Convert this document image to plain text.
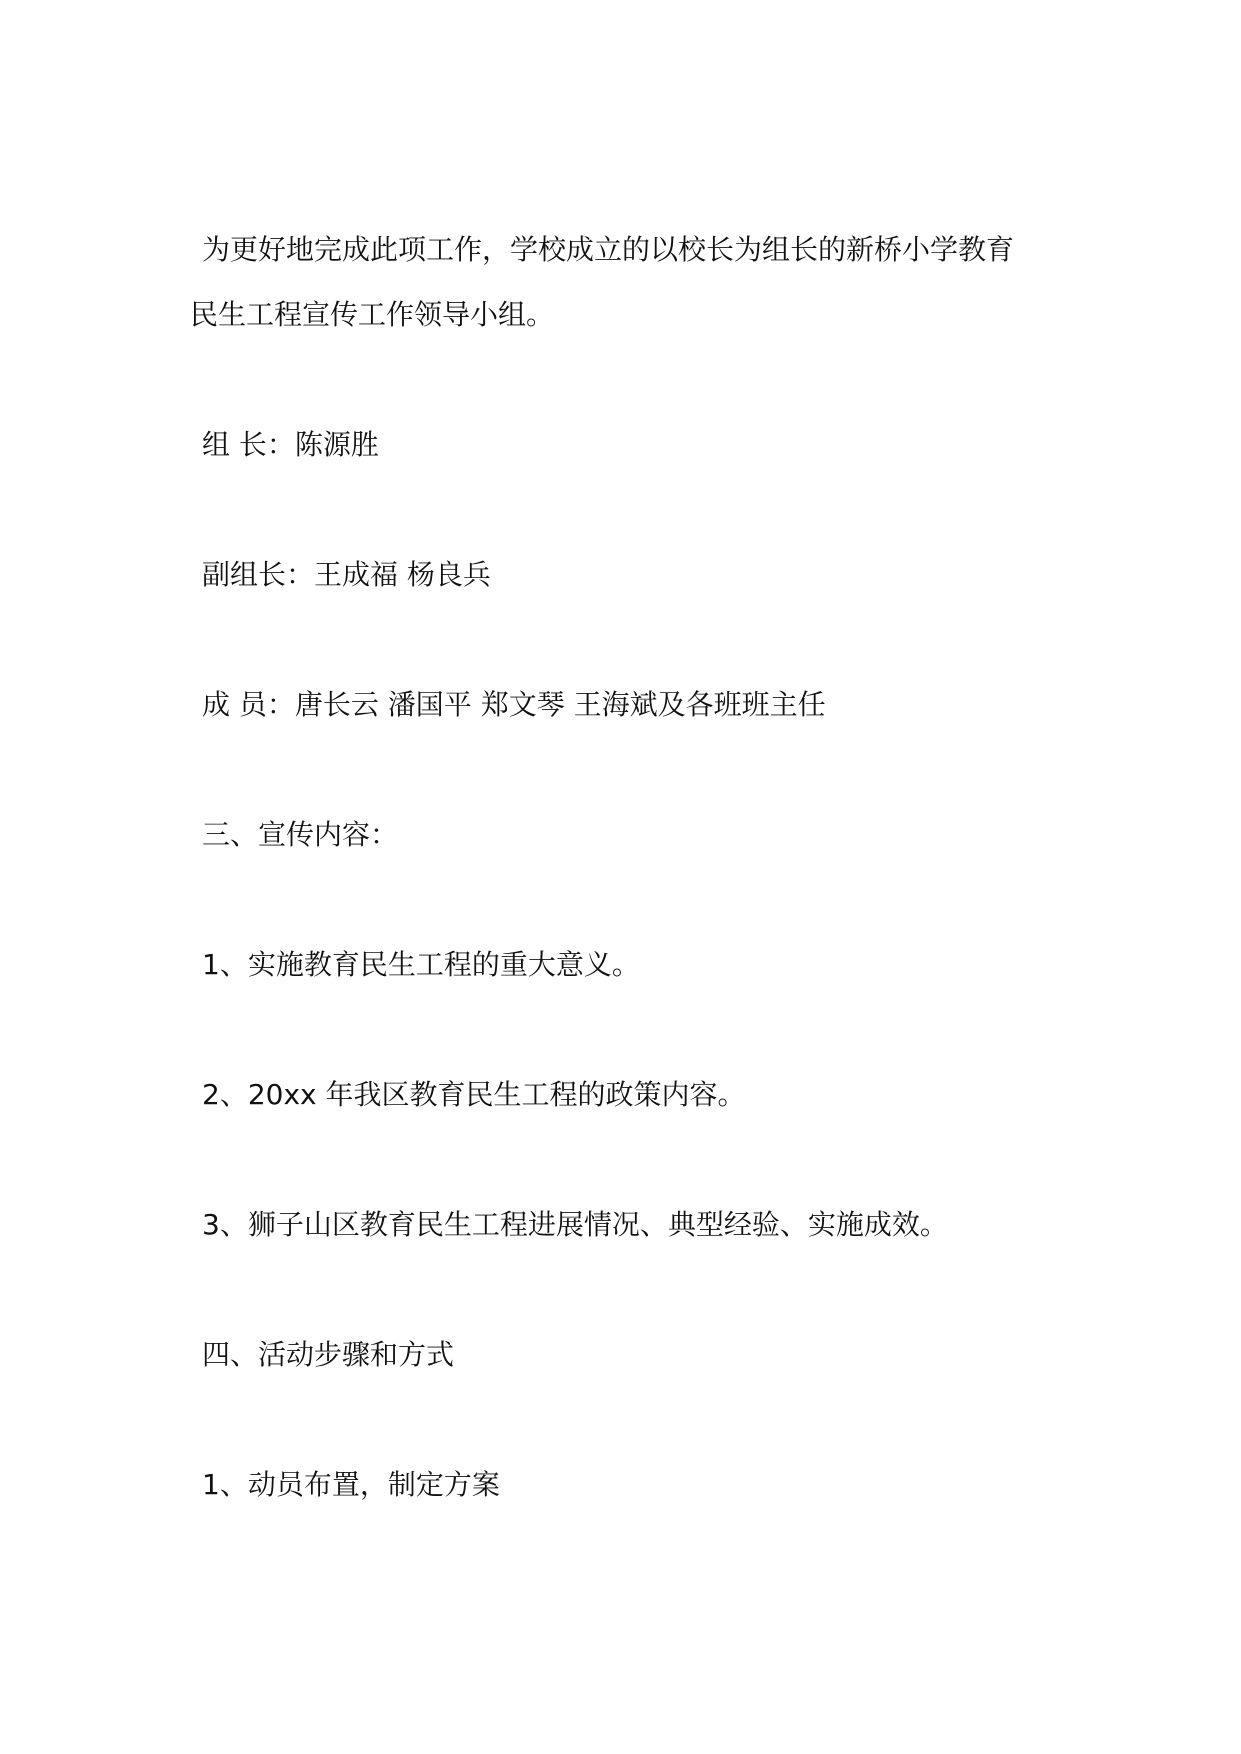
为更好地完成此项工作，学校成立的以校长为组长的新桥小学教育
民生工程宣传工作领导小组。
组 长：陈源胜
副组长：王成福 杨良兵
成 员：唐长云 潘国平 郑文琴 王海斌及各班班主任
三、宣传内容：
1、实施教育民生工程的重大意义。
2、20xx 年我区教育民生工程的政策内容。
3、狮子山区教育民生工程进展情况、典型经验、实施成效。
四、活动步骤和方式
1、动员布置，制定方案
